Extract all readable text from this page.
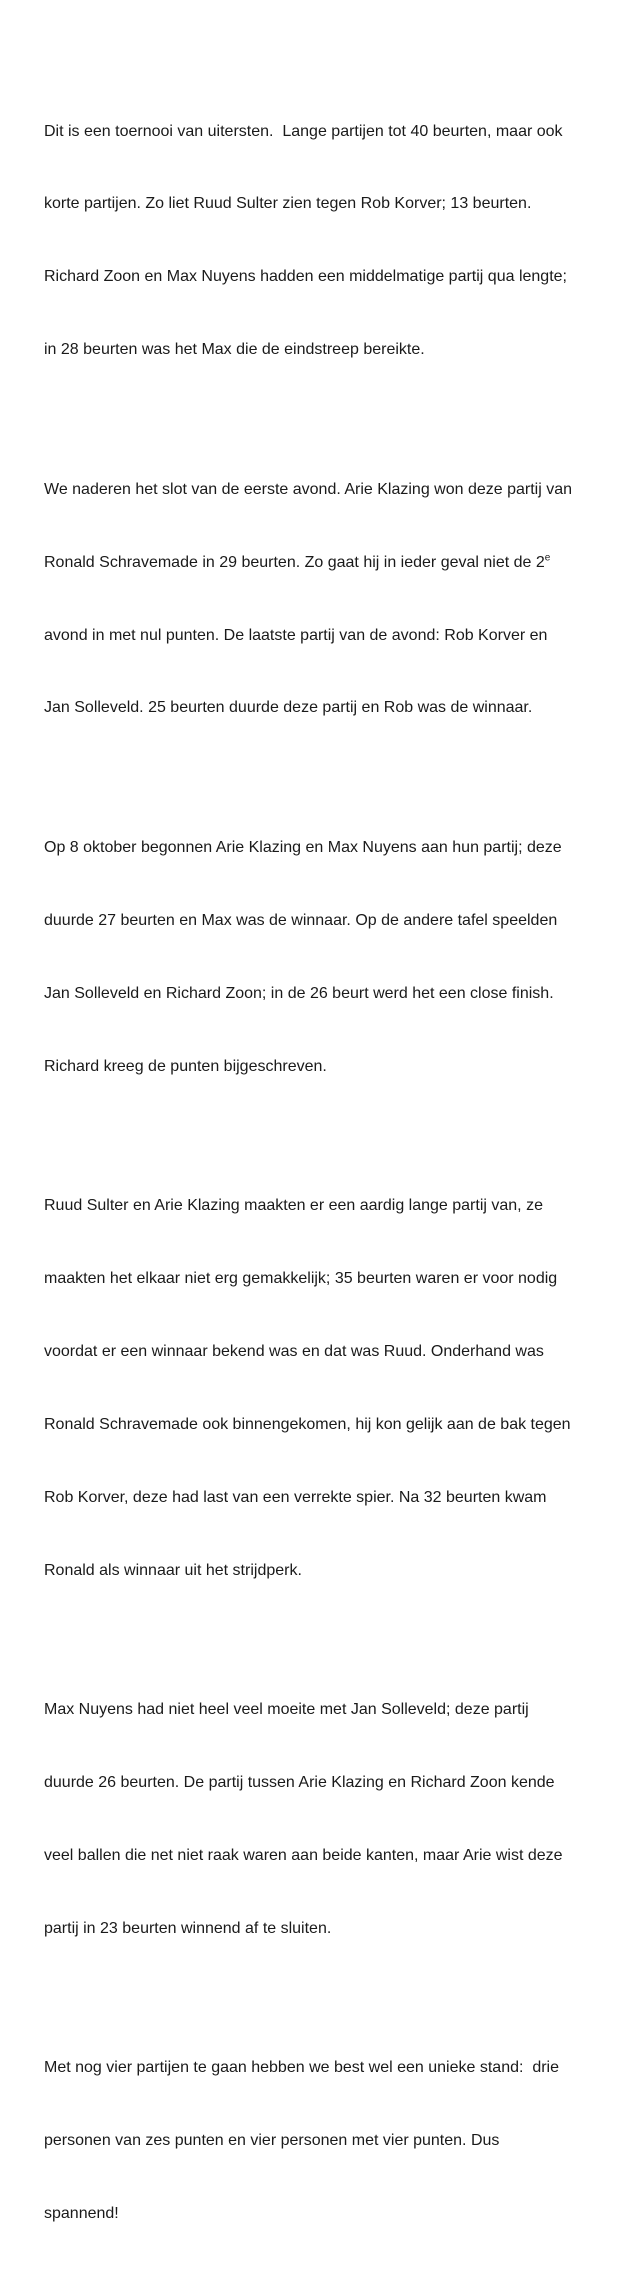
Dit is een toernooi van uitersten.  Lange partijen tot 40 beurten, maar ook

korte partijen. Zo liet Ruud Sulter zien tegen Rob Korver; 13 beurten.

Richard Zoon en Max Nuyens hadden een middelmatige partij qua lengte;

in 28 beurten was het Max die de eindstreep bereikte.

We naderen het slot van de eerste avond. Arie Klazing won deze partij van

Ronald Schravemade in 29 beurten. Zo gaat hij in ieder geval niet de 2e

avond in met nul punten. De laatste partij van de avond: Rob Korver en

Jan Solleveld. 25 beurten duurde deze partij en Rob was de winnaar.

Op 8 oktober begonnen Arie Klazing en Max Nuyens aan hun partij; deze

duurde 27 beurten en Max was de winnaar. Op de andere tafel speelden

Jan Solleveld en Richard Zoon; in de 26 beurt werd het een close finish.

Richard kreeg de punten bijgeschreven.

Ruud Sulter en Arie Klazing maakten er een aardig lange partij van, ze

maakten het elkaar niet erg gemakkelijk; 35 beurten waren er voor nodig

voordat er een winnaar bekend was en dat was Ruud. Onderhand was

Ronald Schravemade ook binnengekomen, hij kon gelijk aan de bak tegen

Rob Korver, deze had last van een verrekte spier. Na 32 beurten kwam

Ronald als winnaar uit het strijdperk.

Max Nuyens had niet heel veel moeite met Jan Solleveld; deze partij

duurde 26 beurten. De partij tussen Arie Klazing en Richard Zoon kende

veel ballen die net niet raak waren aan beide kanten, maar Arie wist deze

partij in 23 beurten winnend af te sluiten.

Met nog vier partijen te gaan hebben we best wel een unieke stand:  drie

personen van zes punten en vier personen met vier punten. Dus

spannend!
